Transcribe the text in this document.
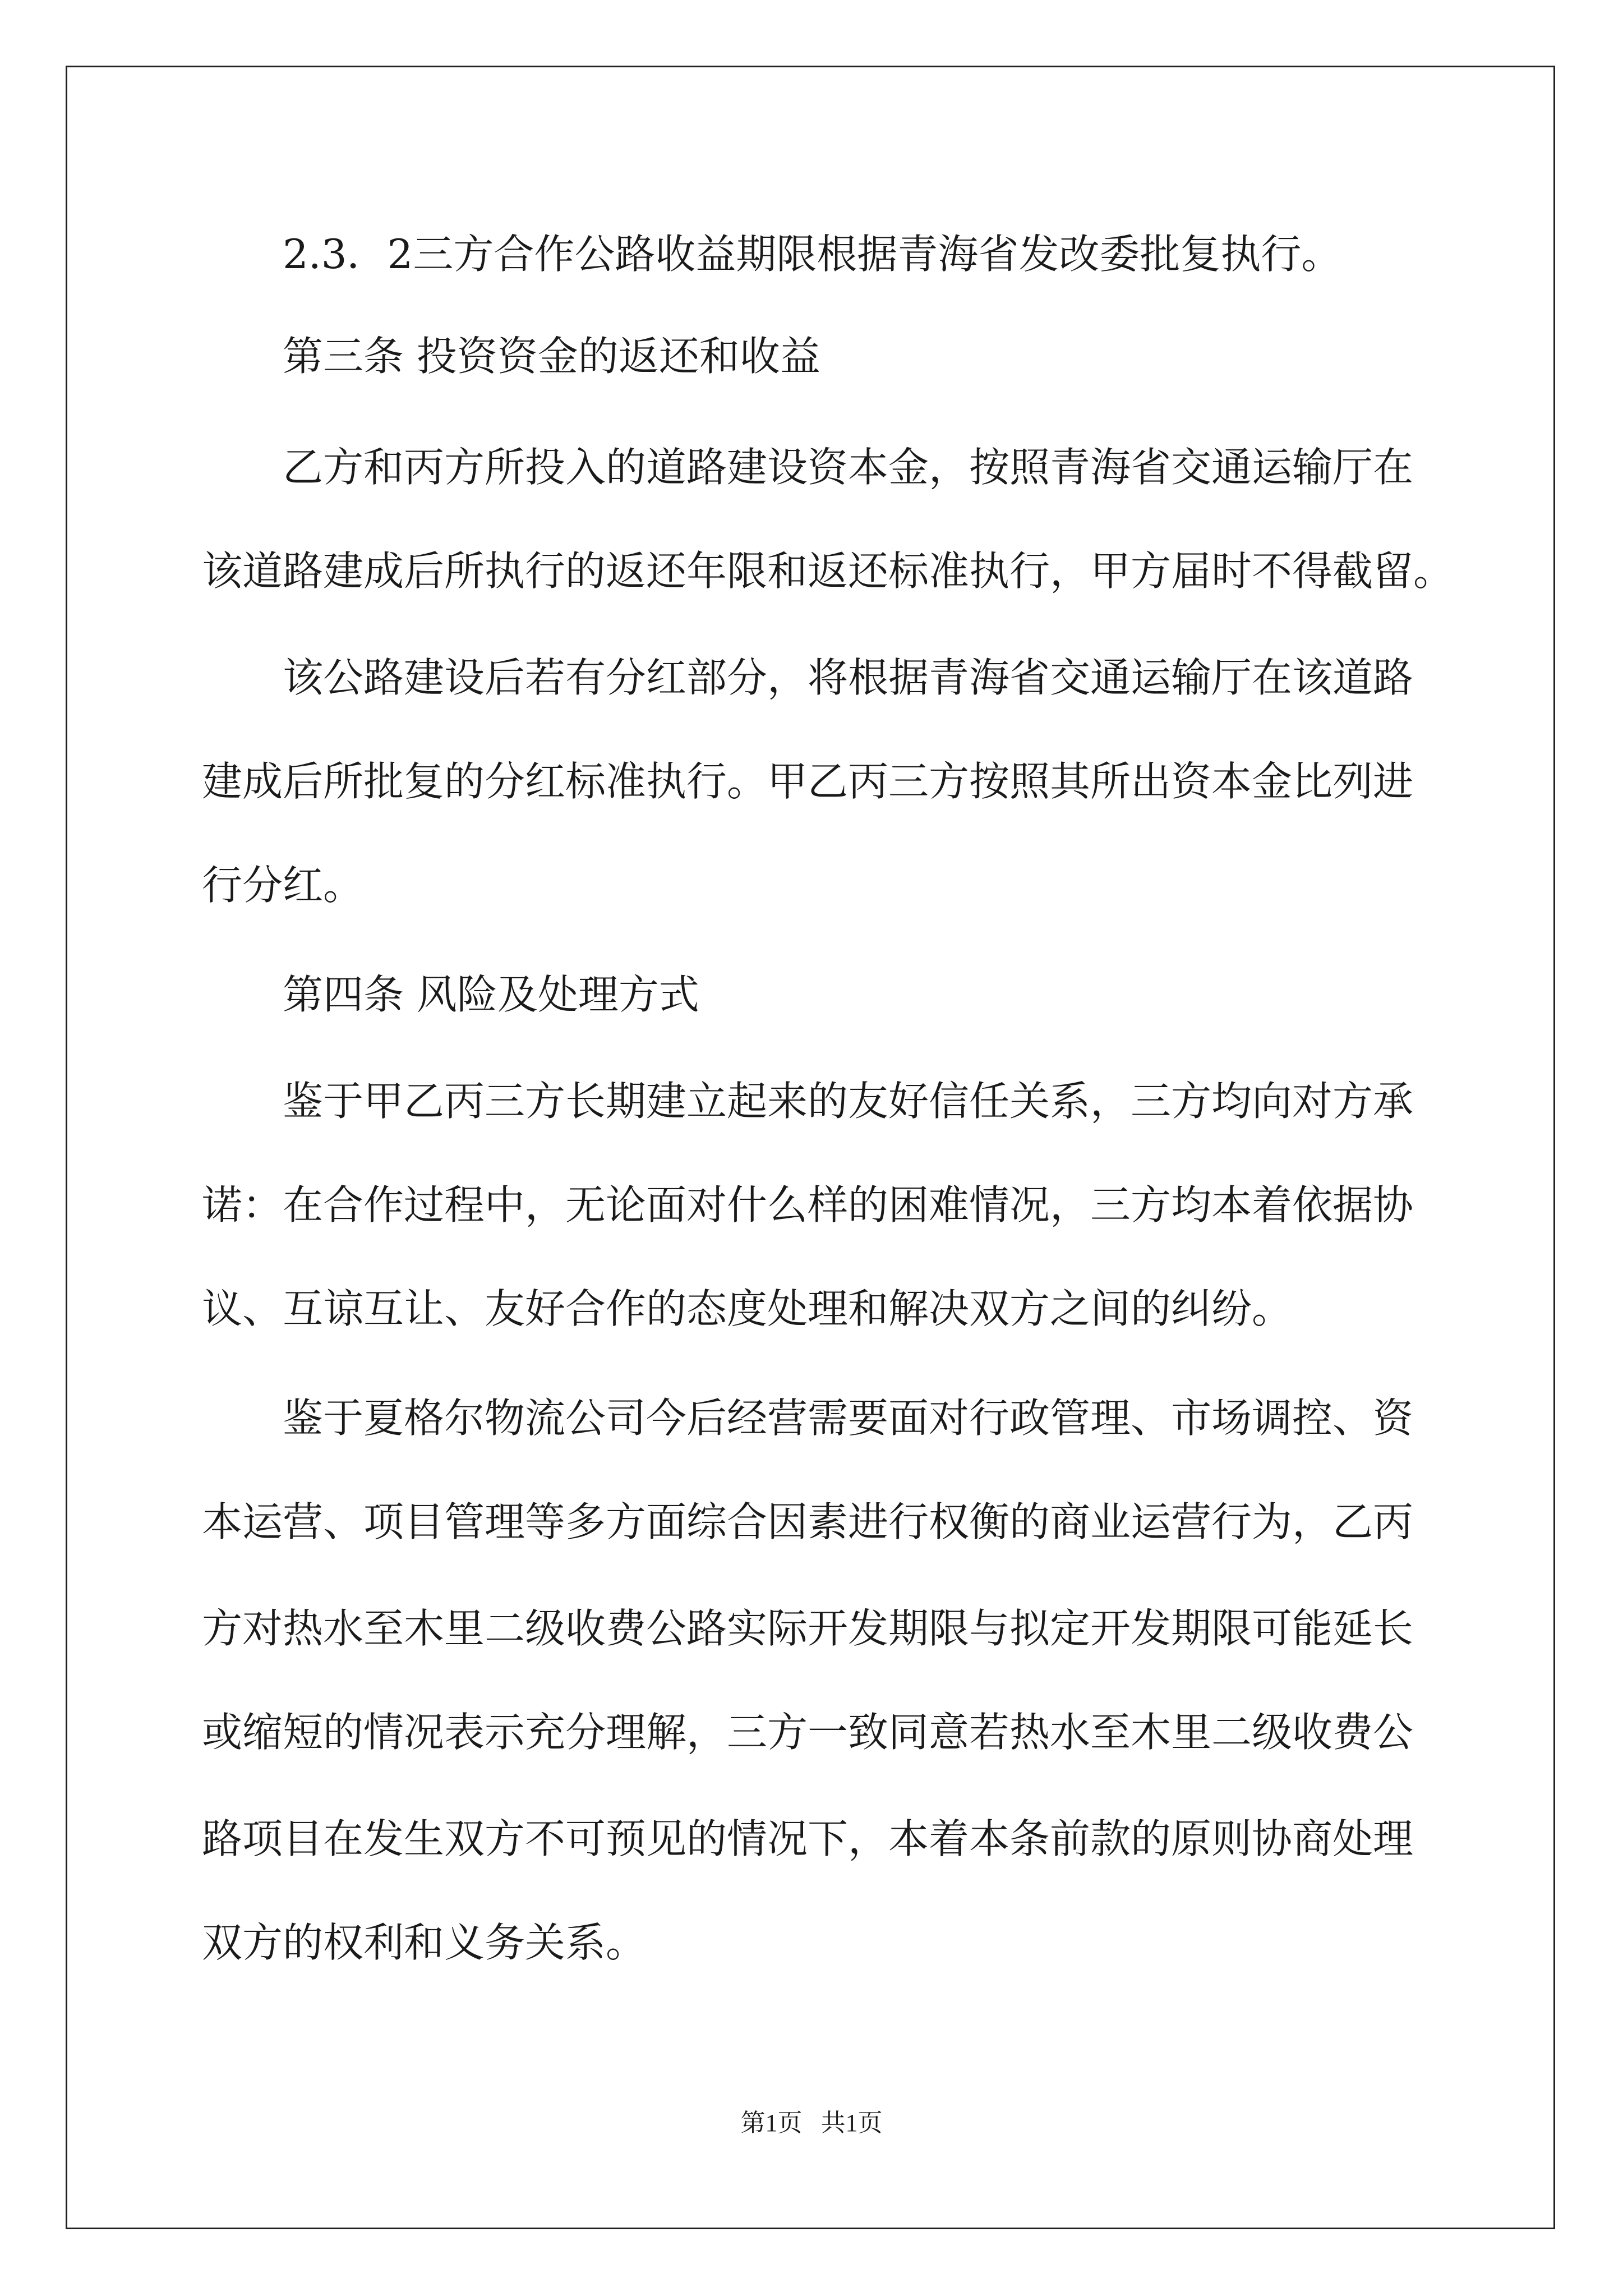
2.3．2三方合作公路收益期限根据青海省发改委批复执行。

第三条 投资资金的返还和收益

乙方和丙方所投入的道路建设资本金，按照青海省交通运输厅在

该道路建成后所执行的返还年限和返还标准执行，甲方届时不得截留。

该公路建设后若有分红部分，将根据青海省交通运输厅在该道路

建成后所批复的分红标准执行。甲乙丙三方按照其所出资本金比列进

行分红。

第四条 风险及处理方式

鉴于甲乙丙三方长期建立起来的友好信任关系，三方均向对方承

诺：在合作过程中，无论面对什么样的困难情况，三方均本着依据协

议、互谅互让、友好合作的态度处理和解决双方之间的纠纷。

鉴于夏格尔物流公司今后经营需要面对行政管理、市场调控、资

本运营、项目管理等多方面综合因素进行权衡的商业运营行为，乙丙

方对热水至木里二级收费公路实际开发期限与拟定开发期限可能延长

或缩短的情况表示充分理解，三方一致同意若热水至木里二级收费公

路项目在发生双方不可预见的情况下，本着本条前款的原则协商处理

双方的权利和义务关系。

第1页   共1页
